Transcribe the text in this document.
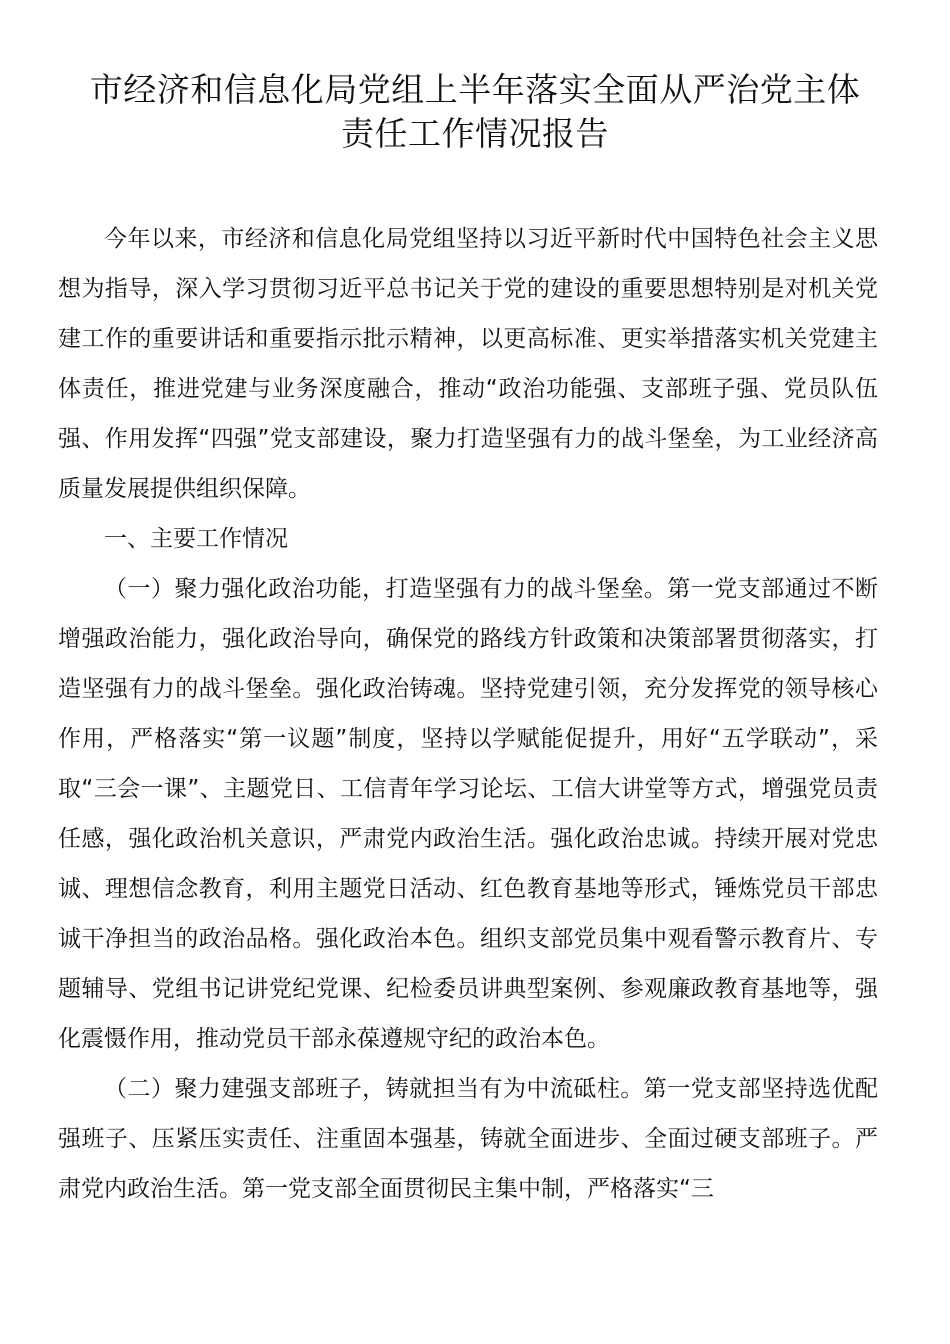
市经济和信息化局党组上半年落实全面从严治党主体
责任工作情况报告

今年以来，市经济和信息化局党组坚持以习近平新时代中国特色社会主义思想为指导，深入学习贯彻习近平总书记关于党的建设的重要思想特别是对机关党建工作的重要讲话和重要指示批示精神，以更高标准、更实举措落实机关党建主体责任，推进党建与业务深度融合，推动“政治功能强、支部班子强、党员队伍强、作用发挥“四强”党支部建设，聚力打造坚强有力的战斗堡垒，为工业经济高质量发展提供组织保障。

一、主要工作情况

（一）聚力强化政治功能，打造坚强有力的战斗堡垒。第一党支部通过不断增强政治能力，强化政治导向，确保党的路线方针政策和决策部署贯彻落实，打造坚强有力的战斗堡垒。强化政治铸魂。坚持党建引领，充分发挥党的领导核心作用，严格落实“第一议题”制度，坚持以学赋能促提升，用好“五学联动”，采取“三会一课”、主题党日、工信青年学习论坛、工信大讲堂等方式，增强党员责任感，强化政治机关意识，严肃党内政治生活。强化政治忠诚。持续开展对党忠诚、理想信念教育，利用主题党日活动、红色教育基地等形式，锤炼党员干部忠诚干净担当的政治品格。强化政治本色。组织支部党员集中观看警示教育片、专题辅导、党组书记讲党纪党课、纪检委员讲典型案例、参观廉政教育基地等，强化震慑作用，推动党员干部永葆遵规守纪的政治本色。

（二）聚力建强支部班子，铸就担当有为中流砥柱。第一党支部坚持选优配强班子、压紧压实责任、注重固本强基，铸就全面进步、全面过硬支部班子。严肃党内政治生活。第一党支部全面贯彻民主集中制，严格落实“三
